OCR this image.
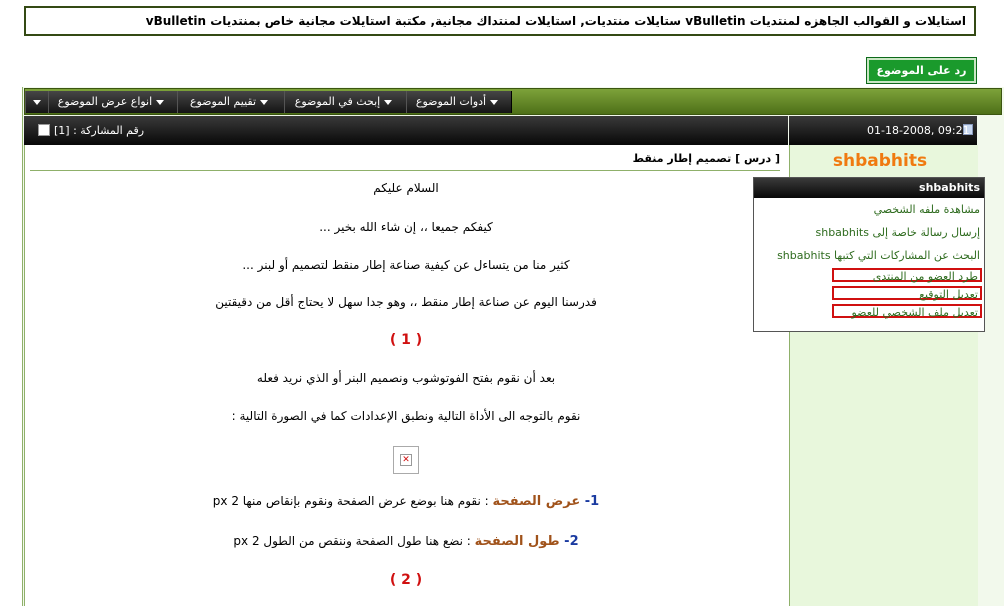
استايلات و القوالب الجاهزه لمنتديات vBulletin ستايلات منتديات, استايلات لمنتداك مجانية, مكتبة استايلات مجانية خاص بمنتديات vBulletin
رد على الموضوع
انواع عرض الموضوع	تقييم الموضوع	إبحث في الموضوع	أدوات الموضوع
رقم المشاركة : [1]	01-18-2008, 09:21
shbabhits
[ درس ] تصميم إطار منقط
السلام عليكم
كيفكم جميعا ،، إن شاء الله بخير ...
كثير منا من يتساءل عن كيفية صناعة إطار منقط لتصميم أو لبنر ...
فدرسنا اليوم عن صناعة إطار منقط ،، وهو جدا سهل لا يحتاج أقل من دقيقتين
( 1 )
بعد أن نقوم بفتح الفوتوشوب ونصميم البنر أو الذي نريد فعله
نقوم بالتوجه الى الأداة التالية ونطبق الإعدادات كما في الصورة التالية :
✕
1- عرض الصفحة : نقوم هنا بوضع عرض الصفحة ونقوم بإنقاص منها 2 px
2- طول الصفحة : نضع هنا طول الصفحة وننقص من الطول 2 px
( 2 )
shbabhits
مشاهدة ملفه الشخصي
إرسال رسالة خاصة إلى shbabhits
البحث عن المشاركات التي كتبها shbabhits
طرد العضو من المنتدى
تعديل التوقيع
تعديل ملف الشخصي للعضو
